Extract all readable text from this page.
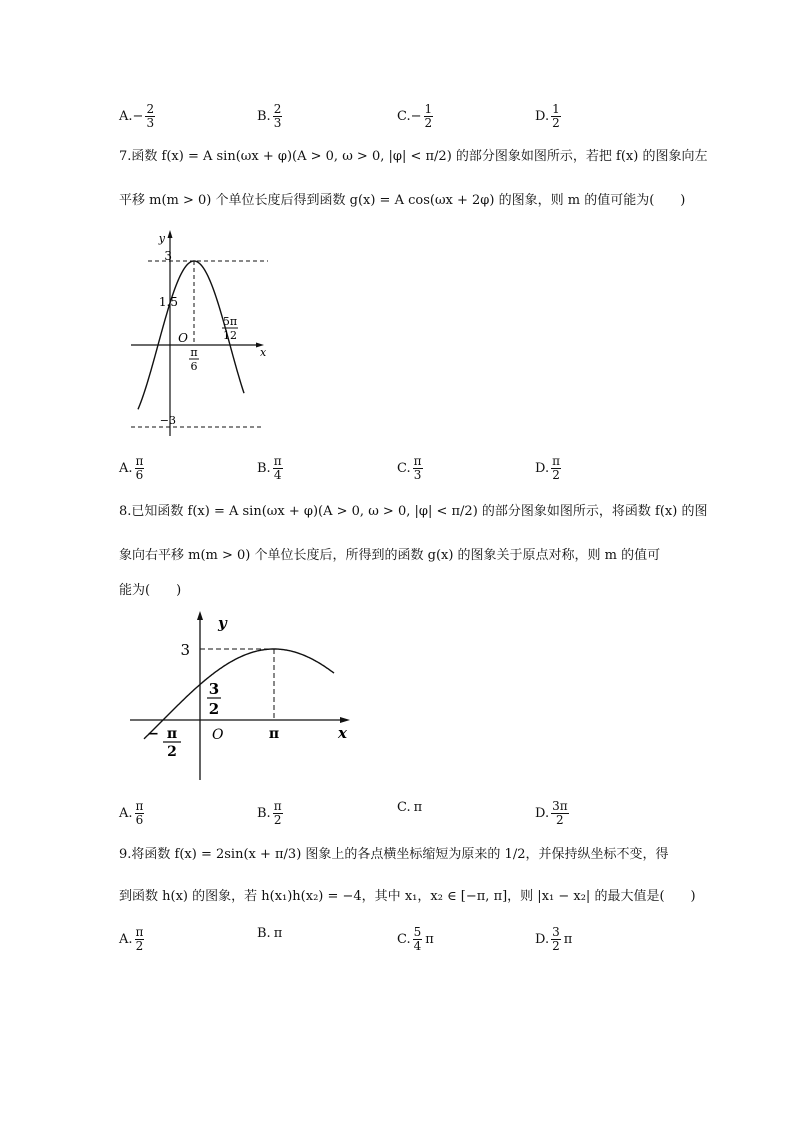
A. − $\frac{2}{3}$	B. $\frac{2}{3}$	C. − $\frac{1}{2}$	D. $\frac{1}{2}$
7.函数 f(x) = A sin(ωx + φ)(A > 0, ω > 0, |φ| < π/2) 的部分图象如图所示，若把 f(x) 的图象向左
平移 m(m > 0) 个单位长度后得到函数 g(x) = A cos(ωx + 2φ) 的图象，则 m 的值可能为(　　)
y
x
3
1.5
−3
O
π
6
5π
12
A. $\frac{\pi}{6}$	B. $\frac{\pi}{4}$	C. $\frac{\pi}{3}$	D. $\frac{\pi}{2}$
8.已知函数 f(x) = A sin(ωx + φ)(A > 0, ω > 0, |φ| < π/2) 的部分图象如图所示，将函数 f(x) 的图
象向右平移 m(m > 0) 个单位长度后，所得到的函数 g(x) 的图象关于原点对称，则 m 的值可
能为(　　)
y
x
3
3
2
O
− π
2
π
A. $\frac{\pi}{6}$	B. $\frac{\pi}{2}$	C. π	D. $\frac{3\pi}{2}$
9.将函数 f(x) = 2sin(x + π/3) 图象上的各点横坐标缩短为原来的 1/2，并保持纵坐标不变，得
到函数 h(x) 的图象，若 h(x₁)h(x₂) = −4，其中 x₁，x₂ ∈ [−π, π]，则 |x₁ − x₂| 的最大值是(　　)
A. $\frac{\pi}{2}$	B. π	C. $\frac{5}{4}$ π	D. $\frac{3}{2}$ π
